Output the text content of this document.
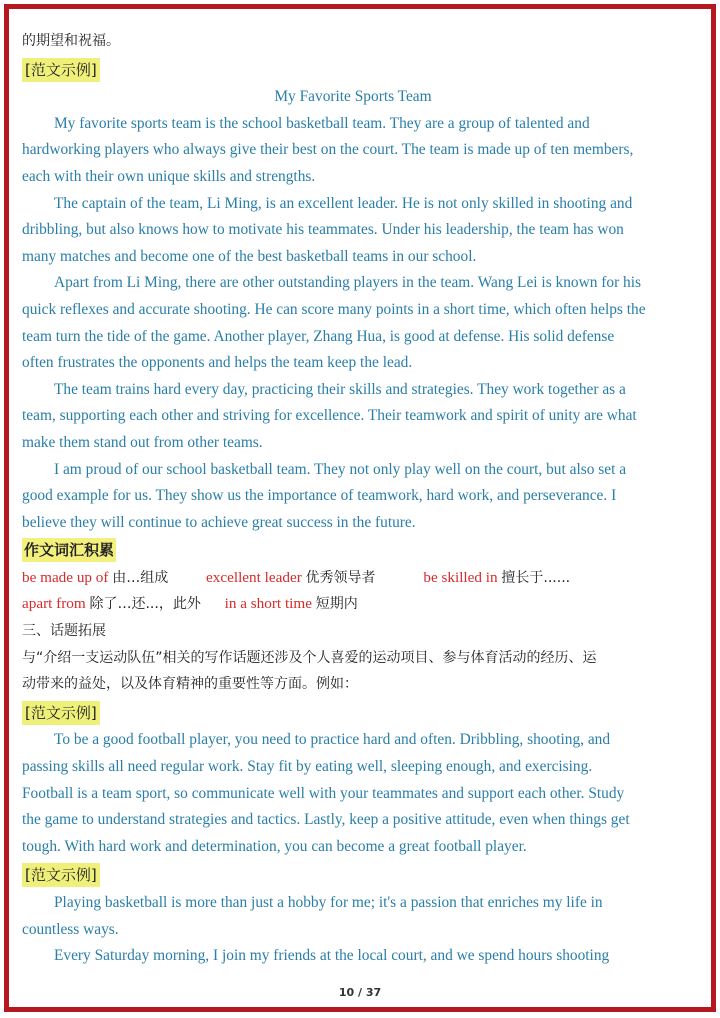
的期望和祝福。
[范文示例]
My Favorite Sports Team
My favorite sports team is the school basketball team. They are a group of talented and
hardworking players who always give their best on the court. The team is made up of ten members,
each with their own unique skills and strengths.
The captain of the team, Li Ming, is an excellent leader. He is not only skilled in shooting and
dribbling, but also knows how to motivate his teammates. Under his leadership, the team has won
many matches and become one of the best basketball teams in our school.
Apart from Li Ming, there are other outstanding players in the team. Wang Lei is known for his
quick reflexes and accurate shooting. He can score many points in a short time, which often helps the
team turn the tide of the game. Another player, Zhang Hua, is good at defense. His solid defense
often frustrates the opponents and helps the team keep the lead.
The team trains hard every day, practicing their skills and strategies. They work together as a
team, supporting each other and striving for excellence. Their teamwork and spirit of unity are what
make them stand out from other teams.
I am proud of our school basketball team. They not only play well on the court, but also set a
good example for us. They show us the importance of teamwork, hard work, and perseverance. I
believe they will continue to achieve great success in the future.
作文词汇积累
be made up of 由…组成 excellent leader 优秀领导者	be skilled in 擅长于......
apart from 除了…还...，此外 in a short time 短期内
三、话题拓展
与“介绍一支运动队伍”相关的写作话题还涉及个人喜爱的运动项目、参与体育活动的经历、运
动带来的益处，以及体育精神的重要性等方面。例如：
[范文示例]
To be a good football player, you need to practice hard and often. Dribbling, shooting, and
passing skills all need regular work. Stay fit by eating well, sleeping enough, and exercising.
Football is a team sport, so communicate well with your teammates and support each other. Study
the game to understand strategies and tactics. Lastly, keep a positive attitude, even when things get
tough. With hard work and determination, you can become a great football player.
[范文示例]
Playing basketball is more than just a hobby for me; it's a passion that enriches my life in
countless ways.
Every Saturday morning, I join my friends at the local court, and we spend hours shooting
10 / 37
